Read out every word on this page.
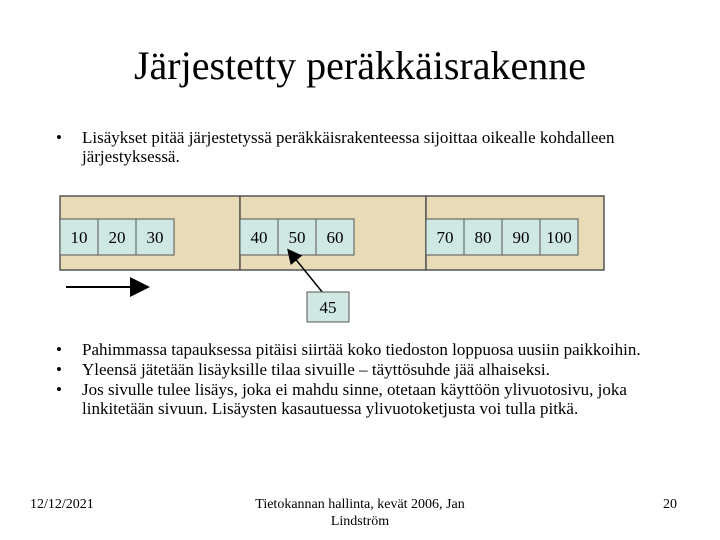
Järjestetty peräkkäisrakenne
• Lisäykset pitää järjestetyssä peräkkäisrakenteessa sijoittaa oikealle kohdalleen järjestyksessä.
10 20 30	40 50 60	70 80 90 100
45
• Pahimmassa tapauksessa pitäisi siirtää koko tiedoston loppuosa uusiin paikkoihin.
• Yleensä jätetään lisäyksille tilaa sivuille – täyttösuhde jää alhaiseksi.
• Jos sivulle tulee lisäys, joka ei mahdu sinne, otetaan käyttöön ylivuotosivu, joka linkitetään sivuun. Lisäysten kasautuessa ylivuotoketjusta voi tulla pitkä.
12/12/2021	Tietokannan hallinta, kevät 2006, Jan Lindström
20
